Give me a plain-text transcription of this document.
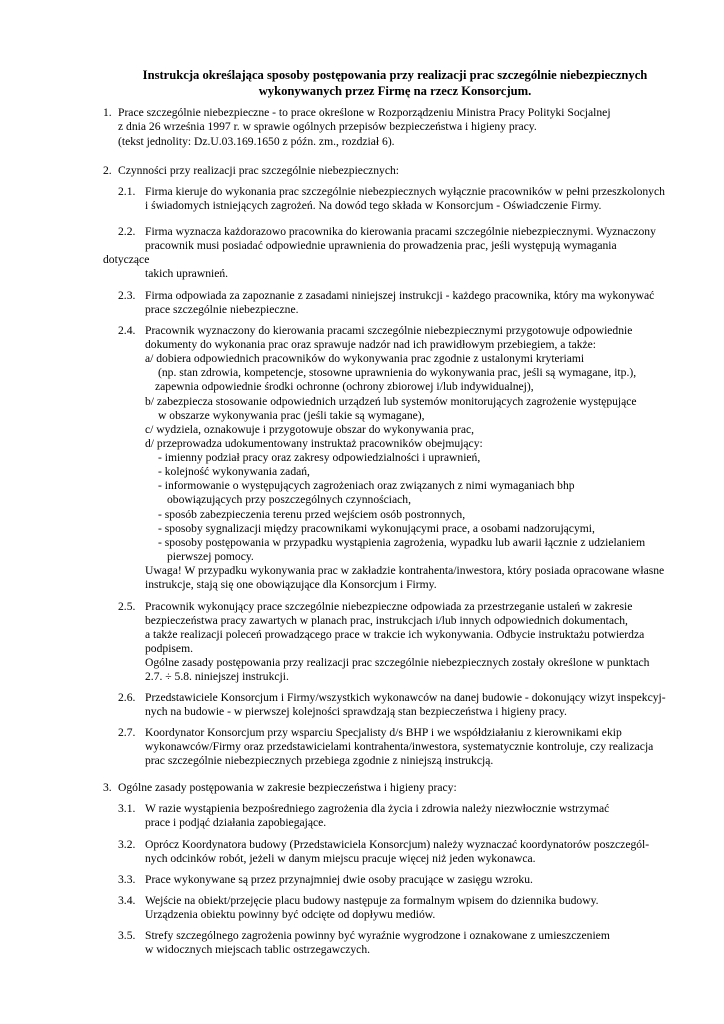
Instrukcja określająca sposoby postępowania przy realizacji prac szczególnie niebezpiecznych
wykonywanych przez Firmę na rzecz Konsorcjum.
1. Prace szczególnie niebezpieczne - to prace określone w Rozporządzeniu Ministra Pracy Polityki Socjalnej
z dnia 26 września 1997 r. w sprawie ogólnych przepisów bezpieczeństwa i higieny pracy.
(tekst jednolity: Dz.U.03.169.1650 z późn. zm., rozdział 6).
2. Czynności przy realizacji prac szczególnie niebezpiecznych:
2.1. Firma kieruje do wykonania prac szczególnie niebezpiecznych wyłącznie pracowników w pełni przeszkolonych
i świadomych istniejących zagrożeń. Na dowód tego składa w Konsorcjum - Oświadczenie Firmy.
2.2. Firma wyznacza każdorazowo pracownika do kierowania pracami szczególnie niebezpiecznymi. Wyznaczony
pracownik musi posiadać odpowiednie uprawnienia do prowadzenia prac, jeśli występują wymagania
dotyczące
takich uprawnień.
2.3. Firma odpowiada za zapoznanie z zasadami niniejszej instrukcji - każdego pracownika, który ma wykonywać
prace szczególnie niebezpieczne.
2.4. Pracownik wyznaczony do kierowania pracami szczególnie niebezpiecznymi przygotowuje odpowiednie
dokumenty do wykonania prac oraz sprawuje nadzór nad ich prawidłowym przebiegiem, a także:
a/ dobiera odpowiednich pracowników do wykonywania prac zgodnie z ustalonymi kryteriami
(np. stan zdrowia, kompetencje, stosowne uprawnienia do wykonywania prac, jeśli są wymagane, itp.),
zapewnia odpowiednie środki ochronne (ochrony zbiorowej i/lub indywidualnej),
b/ zabezpiecza stosowanie odpowiednich urządzeń lub systemów monitorujących zagrożenie występujące
w obszarze wykonywania prac (jeśli takie są wymagane),
c/ wydziela, oznakowuje i przygotowuje obszar do wykonywania prac,
d/ przeprowadza udokumentowany instruktaż pracowników obejmujący:
- imienny podział pracy oraz zakresy odpowiedzialności i uprawnień,
- kolejność wykonywania zadań,
- informowanie o występujących zagrożeniach oraz związanych z nimi wymaganiach bhp
obowiązujących przy poszczególnych czynnościach,
- sposób zabezpieczenia terenu przed wejściem osób postronnych,
- sposoby sygnalizacji między pracownikami wykonującymi prace, a osobami nadzorującymi,
- sposoby postępowania w przypadku wystąpienia zagrożenia, wypadku lub awarii łącznie z udzielaniem
pierwszej pomocy.
Uwaga! W przypadku wykonywania prac w zakładzie kontrahenta/inwestora, który posiada opracowane własne
instrukcje, stają się one obowiązujące dla Konsorcjum i Firmy.
2.5. Pracownik wykonujący prace szczególnie niebezpieczne odpowiada za przestrzeganie ustaleń w zakresie
bezpieczeństwa pracy zawartych w planach prac, instrukcjach i/lub innych odpowiednich dokumentach,
a także realizacji poleceń prowadzącego prace w trakcie ich wykonywania. Odbycie instruktażu potwierdza
podpisem.
Ogólne zasady postępowania przy realizacji prac szczególnie niebezpiecznych zostały określone w punktach
2.7. ÷ 5.8. niniejszej instrukcji.
2.6. Przedstawiciele Konsorcjum i Firmy/wszystkich wykonawców na danej budowie - dokonujący wizyt inspekcyj-
nych na budowie - w pierwszej kolejności sprawdzają stan bezpieczeństwa i higieny pracy.
2.7. Koordynator Konsorcjum przy wsparciu Specjalisty d/s BHP i we współdziałaniu z kierownikami ekip
wykonawców/Firmy oraz przedstawicielami kontrahenta/inwestora, systematycznie kontroluje, czy realizacja
prac szczególnie niebezpiecznych przebiega zgodnie z niniejszą instrukcją.
3. Ogólne zasady postępowania w zakresie bezpieczeństwa i higieny pracy:
3.1. W razie wystąpienia bezpośredniego zagrożenia dla życia i zdrowia należy niezwłocznie wstrzymać
prace i podjąć działania zapobiegające.
3.2. Oprócz Koordynatora budowy (Przedstawiciela Konsorcjum) należy wyznaczać koordynatorów poszczegól-
nych odcinków robót, jeżeli w danym miejscu pracuje więcej niż jeden wykonawca.
3.3. Prace wykonywane są przez przynajmniej dwie osoby pracujące w zasięgu wzroku.
3.4. Wejście na obiekt/przejęcie placu budowy następuje za formalnym wpisem do dziennika budowy.
Urządzenia obiektu powinny być odcięte od dopływu mediów.
3.5. Strefy szczególnego zagrożenia powinny być wyraźnie wygrodzone i oznakowane z umieszczeniem
w widocznych miejscach tablic ostrzegawczych.
